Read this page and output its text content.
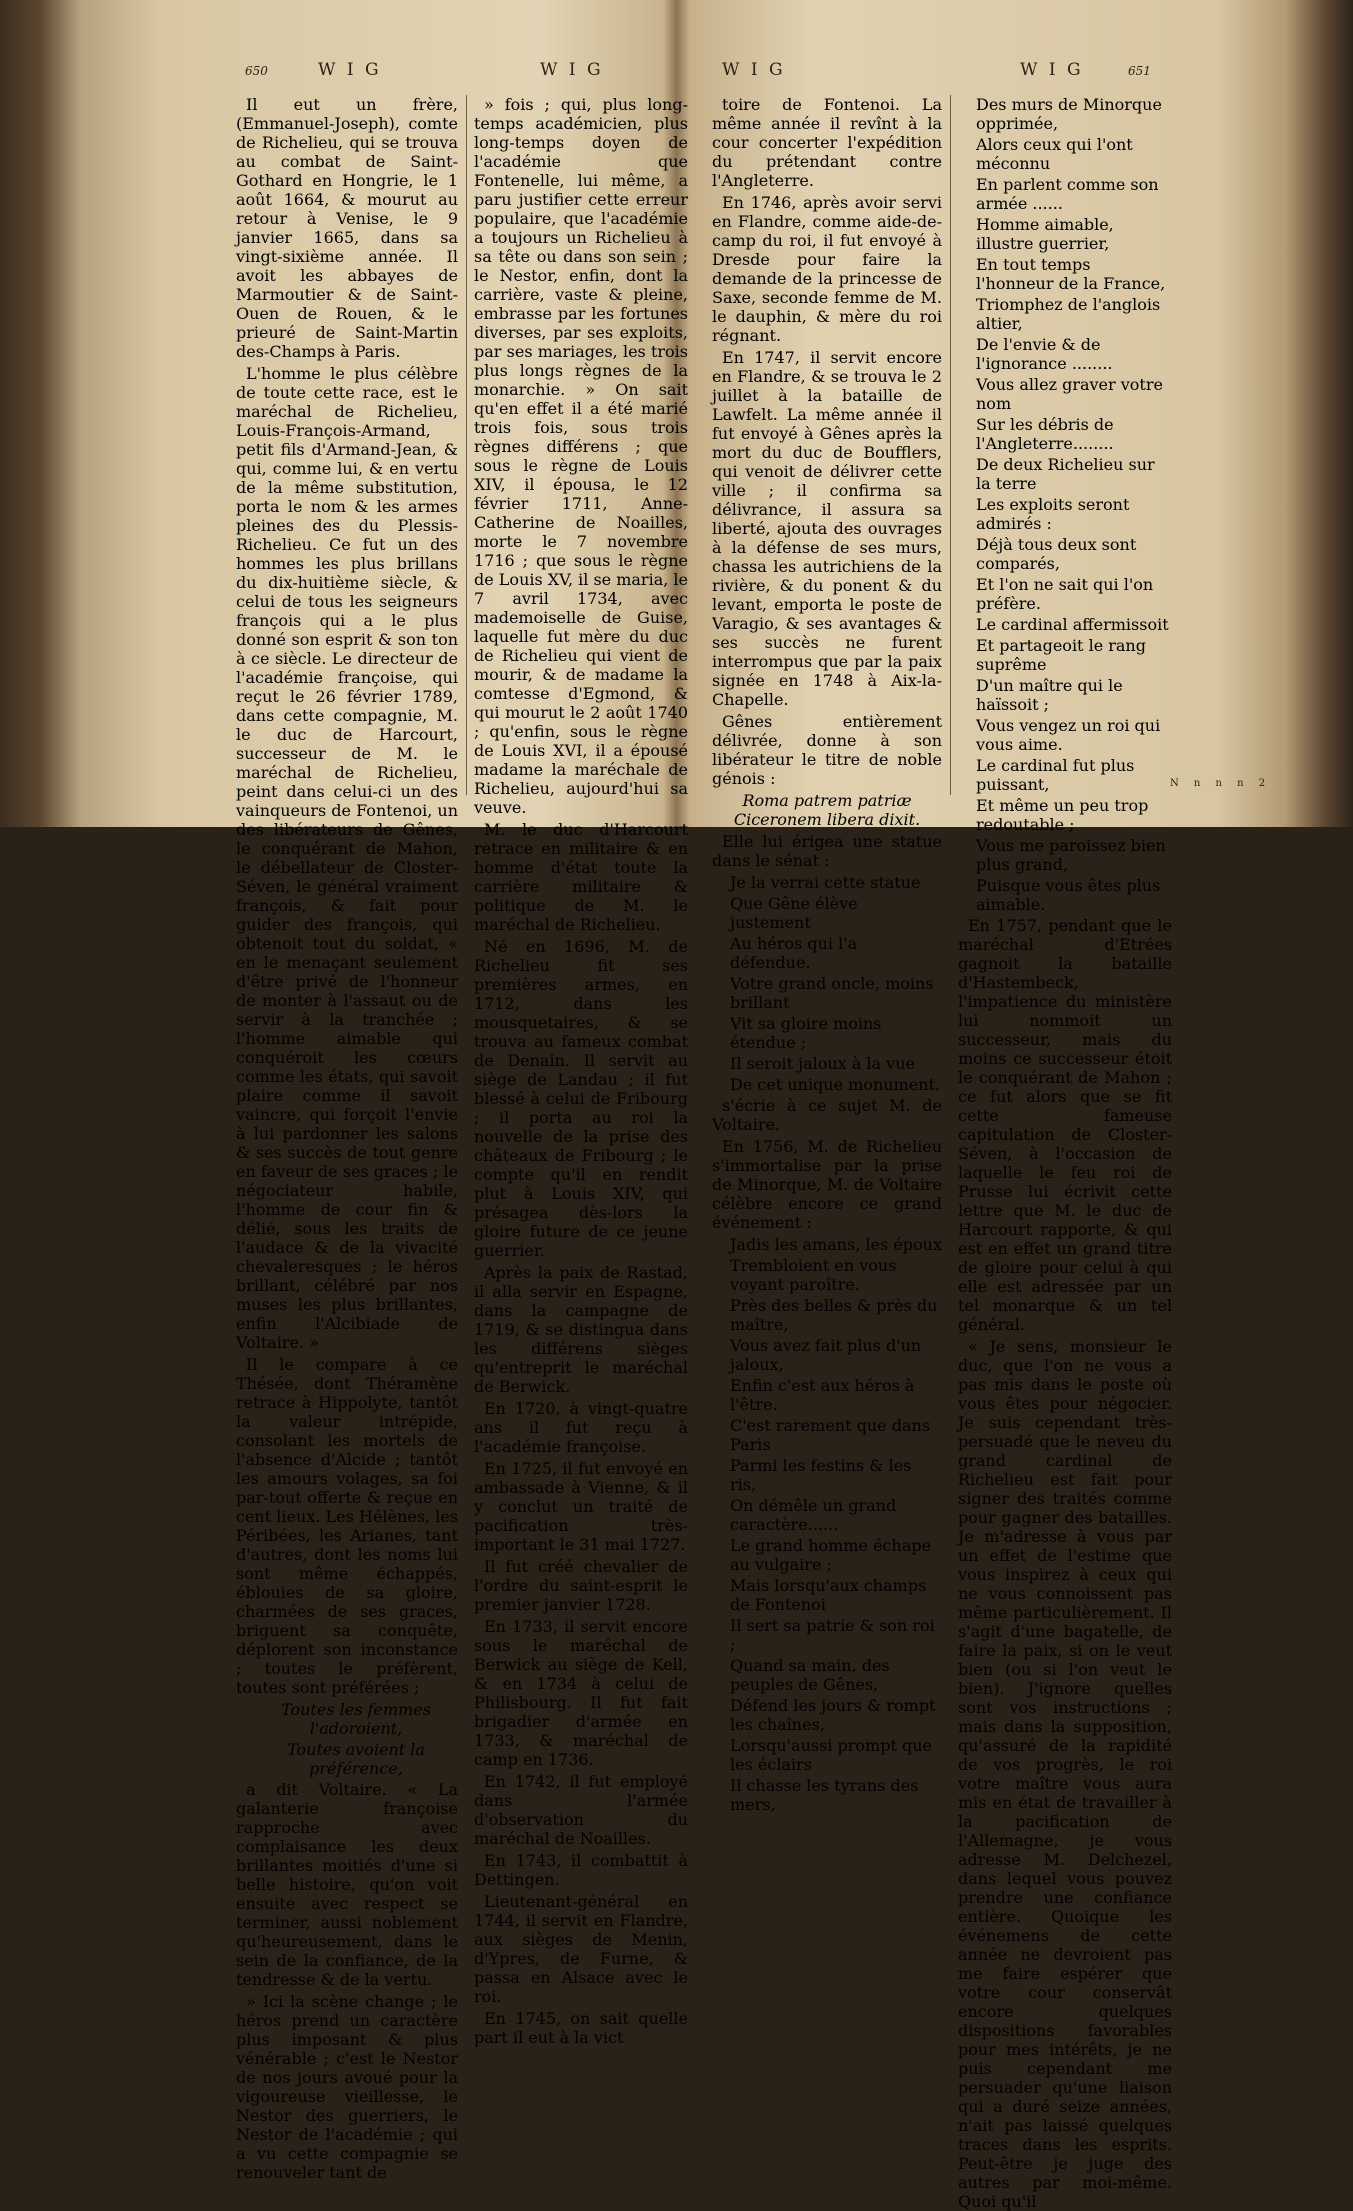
650	W I G	W I G

Il eut un frère, (Emmanuel-Joseph), comte de Richelieu, qui se trouva au combat de Saint-Gothard en Hongrie, le 1 août 1664, & mourut au retour à Venise, le 9 janvier 1665, dans sa vingt-sixième année. Il avoit les abbayes de Marmoutier & de Saint-Ouen de Rouen, & le prieuré de Saint-Martin des-Champs à Paris.

L'homme le plus célèbre de toute cette race, est le maréchal de Richelieu, Louis-François-Armand, petit fils d'Armand-Jean, & qui, comme lui, & en vertu de la même substitution, porta le nom & les armes pleines des du Plessis-Richelieu. Ce fut un des hommes les plus brillans du dix-huitième siècle, & celui de tous les seigneurs françois qui a le plus donné son esprit & son ton à ce siècle. Le directeur de l'académie françoise, qui reçut le 26 février 1789, dans cette compagnie, M. le duc de Harcourt, successeur de M. le maréchal de Richelieu, peint dans celui-ci un des vainqueurs de Fontenoi, un des libérateurs de Gênes, le conquérant de Mahon, le débellateur de Closter-Séven, le général vraiment françois, & fait pour guider des françois, qui obtenoit tout du soldat, « en le menaçant seulement d'être privé de l'honneur de monter à l'assaut ou de servir à la tranchée ; l'homme aimable qui conquéroit les cœurs comme les états, qui savoit plaire comme il savoit vaincre, qui forçoit l'envie à lui pardonner les salons & ses succès de tout genre en faveur de ses graces ; le négociateur habile, l'homme de cour fin & délié, sous les traits de l'audace & de la vivacité chevaleresques ; le héros brillant, célébré par nos muses les plus brillantes, enfin l'Alcibiade de Voltaire. »

Il le compare à ce Thésée, dont Théramène retrace à Hippolyte, tantôt la valeur intrépide, consolant les mortels de l'absence d'Alcide ; tantôt les amours volages, sa foi par-tout offerte & reçue en cent lieux. Les Hélènes, les Péribées, les Arianes, tant d'autres, dont les noms lui sont même échappés, éblouies de sa gloire, charmées de ses graces, briguent sa conquête, déplorent son inconstance ; toutes le préfèrent, toutes sont préférées ;

Toutes les femmes l'adoroient,

Toutes avoient la préférence,

a dit Voltaire. « La galanterie françoise rapproche avec complaisance les deux brillantes moitiés d'une si belle histoire, qu'on voit ensuite avec respect se terminer, aussi noblement qu'heureusement, dans le sein de la confiance, de la tendresse & de la vertu.

» Ici la scène change ; le héros prend un caractère plus imposant & plus vénérable ; c'est le Nestor de nos jours avoué pour la vigoureuse vieillesse, le Nestor des guerriers, le Nestor de l'académie ; qui a vu cette compagnie se renouveler tant de

» fois ; qui, plus long-temps académicien, plus long-temps doyen de l'académie que Fontenelle, lui même, a paru justifier cette erreur populaire, que l'académie a toujours un Richelieu à sa tête ou dans son sein ; le Nestor, enfin, dont la carrière, vaste & pleine, embrasse par les fortunes diverses, par ses exploits, par ses mariages, les trois plus longs règnes de la monarchie. » On sait qu'en effet il a été marié trois fois, sous trois règnes différens ; que sous le règne de Louis XIV, il épousa, le 12 février 1711, Anne-Catherine de Noailles, morte le 7 novembre 1716 ; que sous le règne de Louis XV, il se maria, le 7 avril 1734, avec mademoiselle de Guise, laquelle fut mère du duc de Richelieu qui vient de mourir, & de madame la comtesse d'Egmond, & qui mourut le 2 août 1740 ; qu'enfin, sous le règne de Louis XVI, il a épousé madame la maréchale de Richelieu, aujourd'hui sa veuve.

M. le duc d'Harcourt retrace en militaire & en homme d'état toute la carrière militaire & politique de M. le maréchal de Richelieu.

Né en 1696, M. de Richelieu fit ses premières armes, en 1712, dans les mousquetaires, & se trouva au fameux combat de Denain. Il servit au siège de Landau ; il fut blessé à celui de Fribourg ; il porta au roi la nouvelle de la prise des châteaux de Fribourg ; le compte qu'il en rendit plut à Louis XIV, qui présagea dès-lors la gloire future de ce jeune guerrier.

Après la paix de Rastad, il alla servir en Espagne, dans la campagne de 1719, & se distingua dans les différens sièges qu'entreprit le maréchal de Berwick.

En 1720, à vingt-quatre ans il fut reçu à l'académie françoise.

En 1725, il fut envoyé en ambassade à Vienne, & il y conclut un traité de pacification très-important le 31 mai 1727.

Il fut créé chevalier de l'ordre du saint-esprit le premier janvier 1728.

En 1733, il servit encore sous le maréchal de Berwick au siège de Kell, & en 1734 à celui de Philisbourg. Il fut fait brigadier d'armée en 1733, & maréchal de camp en 1736.

En 1742, il fut employé dans l'armée d'observation du maréchal de Noailles.

En 1743, il combattit à Dettingen.

Lieutenant-général en 1744, il servit en Flandre, aux sièges de Menin, d'Ypres, de Furne, & passa en Alsace avec le roi.

En 1745, on sait quelle part il eut à la vict

W I G	W I G	651

toire de Fontenoi. La même année il revînt à la cour concerter l'expédition du prétendant contre l'Angleterre.

En 1746, après avoir servi en Flandre, comme aide-de-camp du roi, il fut envoyé à Dresde pour faire la demande de la princesse de Saxe, seconde femme de M. le dauphin, & mère du roi régnant.

En 1747, il servit encore en Flandre, & se trouva le 2 juillet à la bataille de Lawfelt. La même année il fut envoyé à Gênes après la mort du duc de Boufflers, qui venoit de délivrer cette ville ; il confirma sa délivrance, il assura sa liberté, ajouta des ouvrages à la défense de ses murs, chassa les autrichiens de la rivière, & du ponent & du levant, emporta le poste de Varagio, & ses avantages & ses succès ne furent interrompus que par la paix signée en 1748 à Aix-la-Chapelle.

Gênes entièrement délivrée, donne à son libérateur le titre de noble génois :

Roma patrem patriæ Ciceronem libera dixit.

Elle lui érigea une statue dans le sénat :

Je la verrai cette statue

Que Gêne élève justement

Au héros qui l'a défendue.

Votre grand oncle, moins brillant

Vit sa gloire moins étendue ;

Il seroit jaloux à la vue

De cet unique monument.

s'écrie à ce sujet M. de Voltaire.

En 1756, M. de Richelieu s'immortalise par la prise de Minorque, M. de Voltaire célèbre encore ce grand événement :

Jadis les amans, les époux

Trembloient en vous voyant paroître.

Près des belles & près du maître,

Vous avez fait plus d'un jaloux,

Enfin c'est aux héros à l'être.

C'est rarement que dans Paris

Parmi les festins & les ris,

On démêle un grand caractère......

Le grand homme échape au vulgaire ;

Mais lorsqu'aux champs de Fontenoi

Il sert sa patrie & son roi ;

Quand sa main, des peuples de Gênes,

Défend les jours & rompt les chaînes,

Lorsqu'aussi prompt que les éclairs

Il chasse les tyrans des mers,

Des murs de Minorque opprimée,

Alors ceux qui l'ont méconnu

En parlent comme son armée ......

Homme aimable, illustre guerrier,

En tout temps l'honneur de la France,

Triomphez de l'anglois altier,

De l'envie & de l'ignorance ........

Vous allez graver votre nom

Sur les débris de l'Angleterre........

De deux Richelieu sur la terre

Les exploits seront admirés :

Déjà tous deux sont comparés,

Et l'on ne sait qui l'on préfère.

Le cardinal affermissoit

Et partageoit le rang suprême

D'un maître qui le haïssoit ;

Vous vengez un roi qui vous aime.

Le cardinal fut plus puissant,

Et même un peu trop redoutable ;

Vous me paroissez bien plus grand,

Puisque vous êtes plus aimable.

En 1757, pendant que le maréchal d'Etrées gagnoit la bataille d'Hastembeck, l'impatience du ministère lui nommoit un successeur, mais du moins ce successeur étoit le conquérant de Mahon ; ce fut alors que se fit cette fameuse capitulation de Closter-Séven, à l'occasion de laquelle le feu roi de Prusse lui écrivit cette lettre que M. le duc de Harcourt rapporte, & qui est en effet un grand titre de gloire pour celui à qui elle est adressée par un tel monarque & un tel général.

« Je sens, monsieur le duc, que l'on ne vous a pas mis dans le poste où vous êtes pour négocier. Je suis cependant très-persuadé que le neveu du grand cardinal de Richelieu est fait pour signer des traités comme pour gagner des batailles. Je m'adresse à vous par un effet de l'estime que vous inspirez à ceux qui ne vous connoissent pas même particulièrement. Il s'agit d'une bagatelle, de faire la paix, si on le veut bien (ou si l'on veut le bien). J'ignore quelles sont vos instructions ; mais dans la supposition, qu'assuré de la rapidité de vos progrès, le roi votre maître vous aura mis en état de travailler à la pacification de l'Allemagne, je vous adresse M. Delchezel, dans lequel vous pouvez prendre une confiance entière. Quoique les événemens de cette année ne devroient pas me faire espérer que votre cour conservât encore quelques dispositions favorables pour mes intérêts, je ne puis cependant me persuader qu'une liaison qui a duré seize années, n'ait pas laissé quelques traces dans les esprits. Peut-être je juge des autres par moi-même. Quoi qu'il

N n n n 2
